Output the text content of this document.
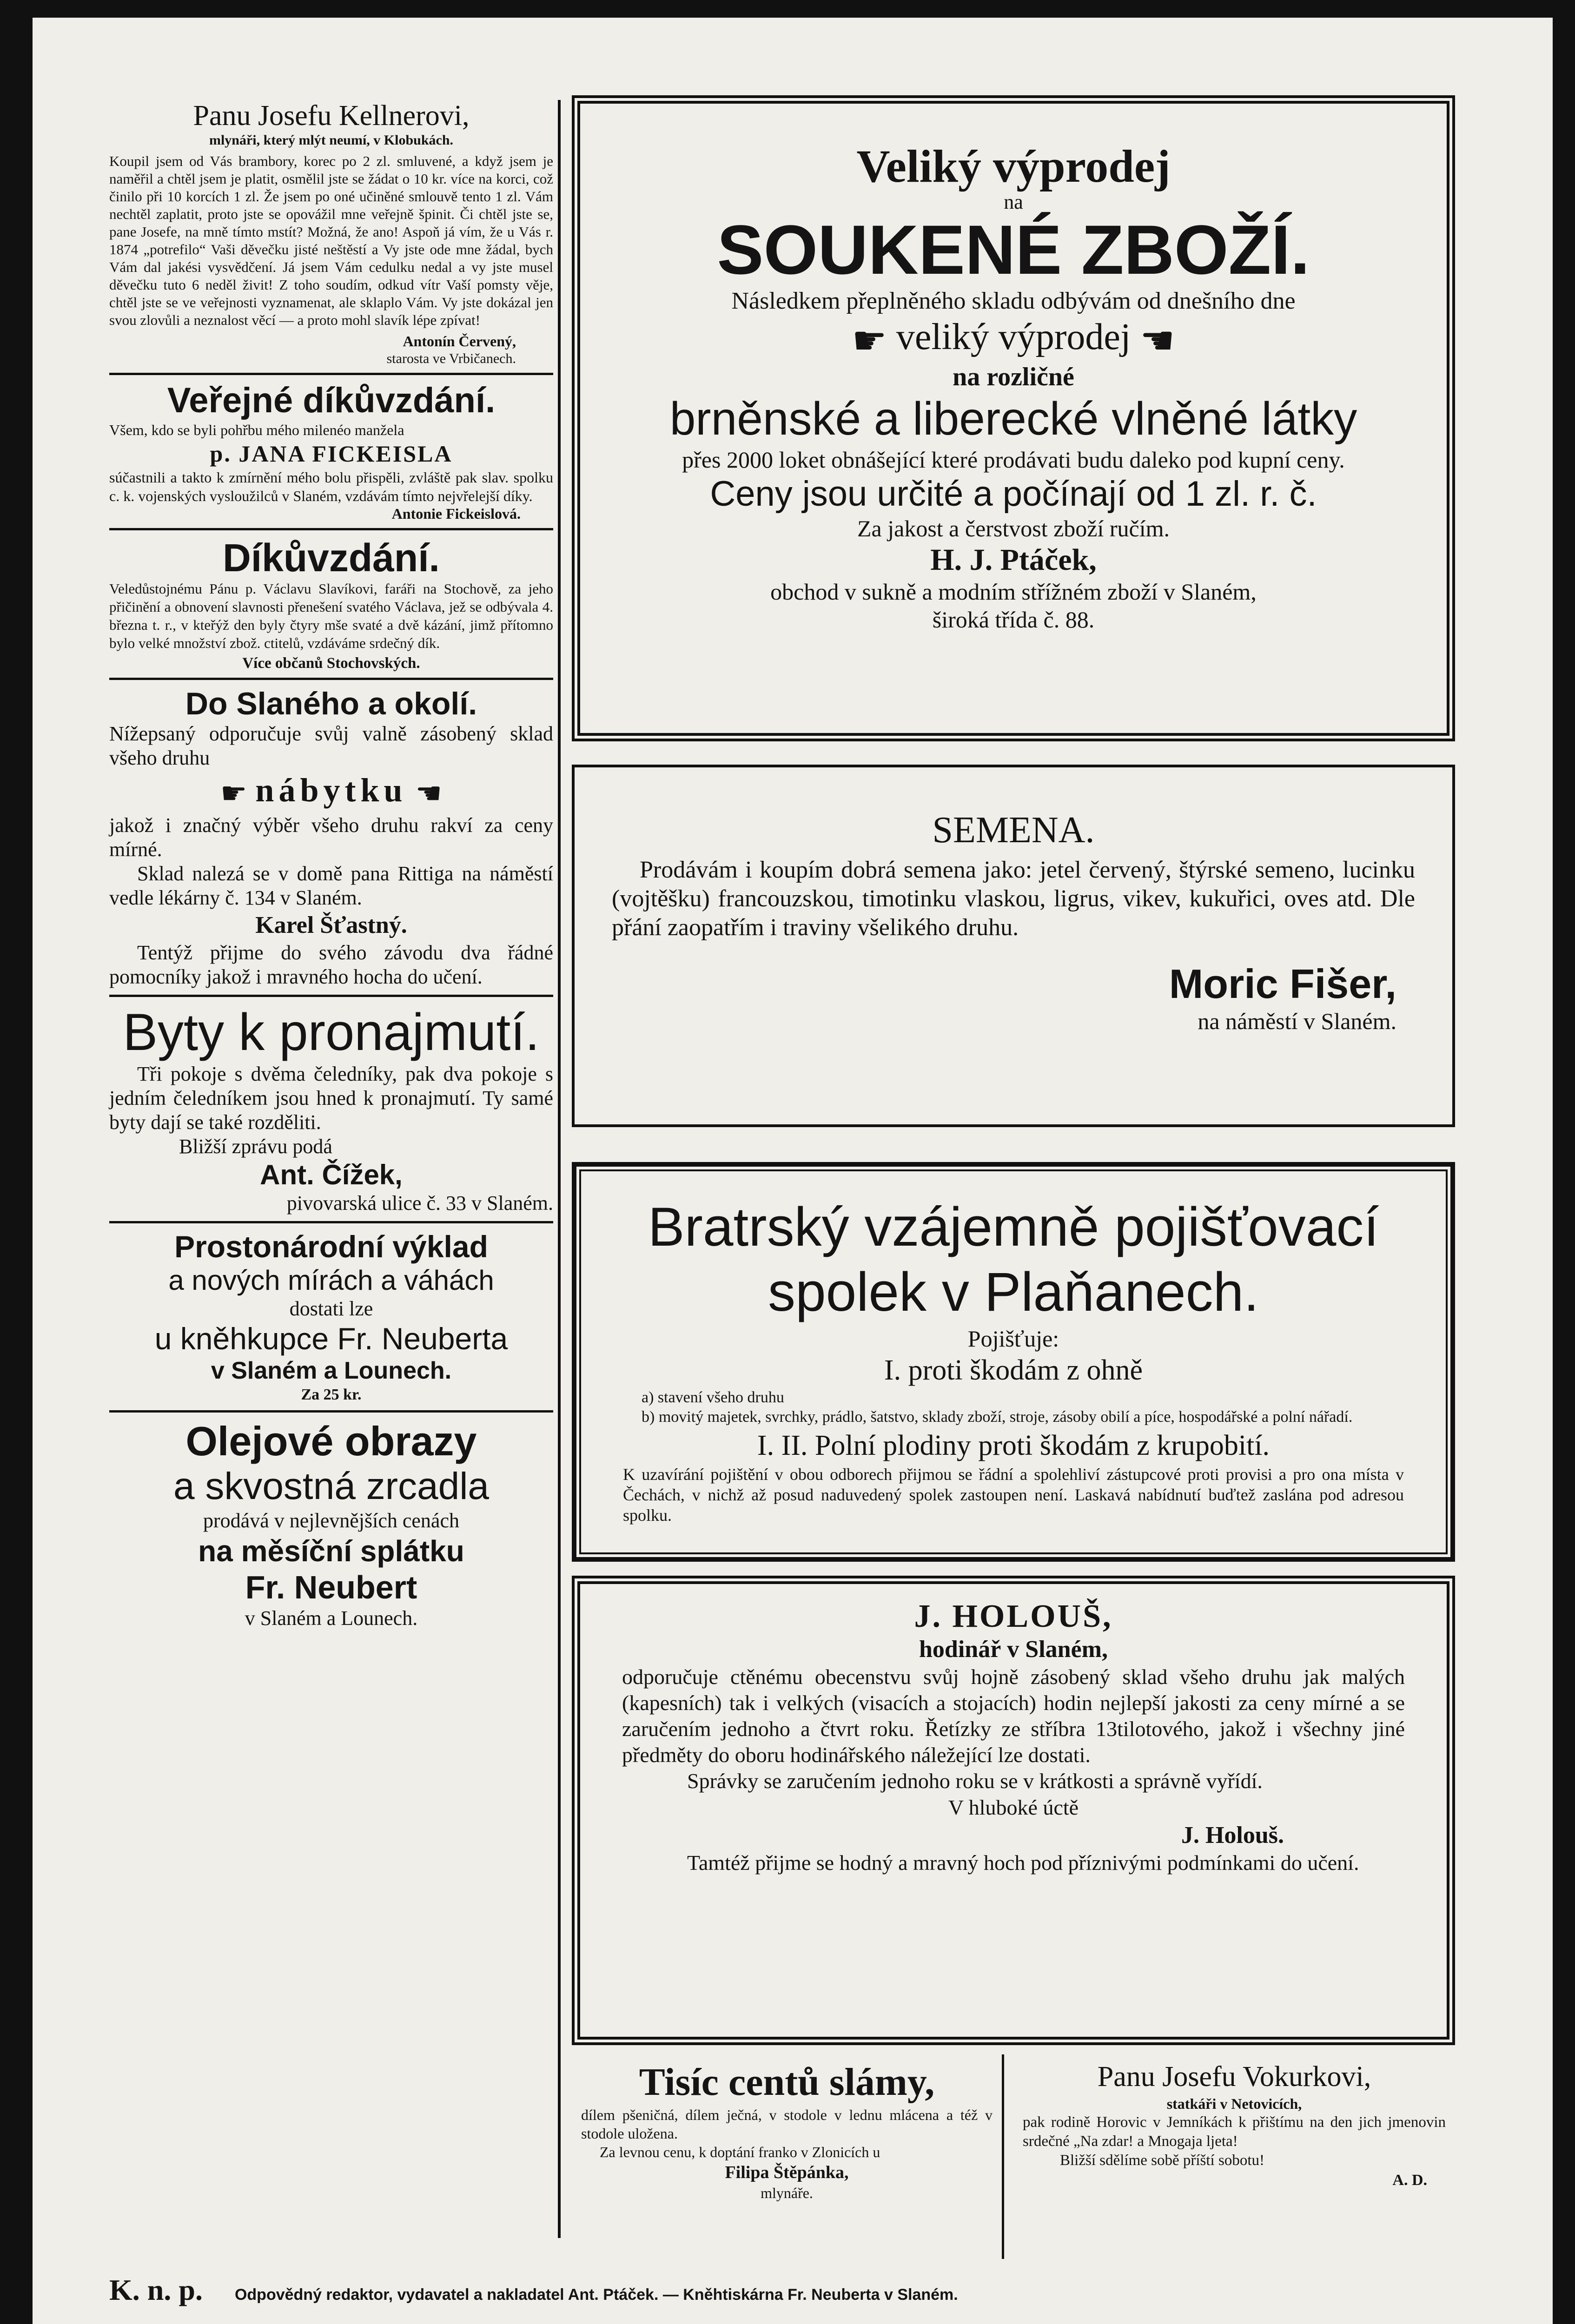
Panu Josefu Kellnerovi,
mlynáři, který mlýt neumí, v Klobukách.
Koupil jsem od Vás brambory, korec po 2 zl. smluvené, a když jsem je naměřil a chtěl jsem je platit, osmělil jste se žádat o 10 kr. více na korci, což činilo při 10 korcích 1 zl. Že jsem po oné učiněné smlouvě tento 1 zl. Vám nechtěl zaplatit, proto jste se opovážil mne veřejně špinit. Či chtěl jste se, pane Josefe, na mně tímto mstít? Možná, že ano! Aspoň já vím, že u Vás r. 1874 „potrefilo“ Vaši děvečku jisté neštěstí a Vy jste ode mne žádal, bych Vám dal jakési vysvědčení. Já jsem Vám cedulku nedal a vy jste musel děvečku tuto 6 neděl živit! Z toho soudím, odkud vítr Vaší pomsty věje, chtěl jste se ve veřejnosti vyznamenat, ale sklaplo Vám. Vy jste dokázal jen svou zlovůli a neznalost věcí — a proto mohl slavík lépe zpívat!
Antonín Červený,
starosta ve Vrbičanech.
Veřejné díkůvzdání.
Všem, kdo se byli pohřbu mého milenéo manžela
p. JANA FICKEISLA
súčastnili a takto k zmírnění mého bolu přispěli, zvláště pak slav. spolku c. k. vojenských vysloužilců v Slaném, vzdávám tímto nejvřelejší díky.
Antonie Fickeislová.
Díkůvzdání.
Veledůstojnému Pánu p. Václavu Slavíkovi, faráři na Stochově, za jeho přičinění a obnovení slavnosti přenešení svatého Václava, jež se odbývala 4. března t. r., v kteřýž den byly čtyry mše svaté a dvě kázání, jimž přítomno bylo velké množství zbož. ctitelů, vzdáváme srdečný dík.
Více občanů Stochovských.
Do Slaného a okolí.
Nížepsaný odporučuje svůj valně zásobený sklad všeho druhu
☛ nábytku ☚
jakož i značný výběr všeho druhu rakví za ceny mírné.
Sklad nalezá se v domě pana Rittiga na náměstí vedle lékárny č. 134 v Slaném.
Karel Šťastný.
Tentýž přijme do svého závodu dva řádné pomocníky jakož i mravného hocha do učení.
Byty k pronajmutí.
Tři pokoje s dvěma čeledníky, pak dva pokoje s jedním čeledníkem jsou hned k pronajmutí. Ty samé byty dají se také rozděliti.
Bližší zprávu podá
Ant. Čížek,
pivovarská ulice č. 33 v Slaném.
Prostonárodní výklad
a nových mírách a váhách
dostati lze
u kněhkupce Fr. Neuberta
v Slaném a Lounech.
Za 25 kr.
Olejové obrazy
a skvostná zrcadla
prodává v nejlevnějších cenách
na měsíční splátku
Fr. Neubert
v Slaném a Lounech.
Veliký výprodej
na
SOUKENÉ ZBOŽÍ.
Následkem přeplněného skladu odbývám od dnešního dne
☛ veliký výprodej ☚
na rozličné
brněnské a liberecké vlněné látky
přes 2000 loket obnášející které prodávati budu daleko pod kupní ceny.
Ceny jsou určité a počínají od 1 zl. r. č.
Za jakost a čerstvost zboží ručím.
H. J. Ptáček,
obchod v sukně a modním střížném zboží v Slaném,
široká třída č. 88.
SEMENA.
Prodávám i koupím dobrá semena jako: jetel červený, štýrské semeno, lucinku (vojtěšku) francouzskou, timotinku vlaskou, ligrus, vikev, kukuřici, oves atd. Dle přání zaopatřím i traviny všelikého druhu.
Moric Fišer,
na náměstí v Slaném.
Bratrský vzájemně pojišťovací spolek v Plaňanech.
Pojišťuje:
I. proti škodám z ohně
a) stavení všeho druhu
b) movitý majetek, svrchky, prádlo, šatstvo, sklady zboží, stroje, zásoby obilí a píce, hospodářské a polní nářadí.
I. II. Polní plodiny proti škodám z krupobití.
K uzavírání pojištění v obou odborech přijmou se řádní a spolehliví zástupcové proti provisi a pro ona místa v Čechách, v nichž až posud naduvedený spolek zastoupen není. Laskavá nabídnutí buďtež zaslána pod adresou spolku.
J. HOLOUŠ,
hodinář v Slaném,
odporučuje ctěnému obecenstvu svůj hojně zásobený sklad všeho druhu jak malých (kapesních) tak i velkých (visacích a stojacích) hodin nejlepší jakosti za ceny mírné a se zaručením jednoho a čtvrt roku. Řetízky ze stříbra 13tilotového, jakož i všechny jiné předměty do oboru hodinářského náležející lze dostati.
Správky se zaručením jednoho roku se v krátkosti a správně vyřídí.
V hluboké úctě
J. Holouš.
Tamtéž přijme se hodný a mravný hoch pod příznivými podmínkami do učení.
Tisíc centů slámy,
dílem pšeničná, dílem ječná, v stodole v lednu mlácena a též v stodole uložena.
Za levnou cenu, k doptání franko v Zlonicích u
Filipa Štěpánka,
mlynáře.
Panu Josefu Vokurkovi,
statkáři v Netovicích,
pak rodině Horovic v Jemníkách k přištímu na den jich jmenovin srdečné „Na zdar! a Mnogaja ljeta!
Bližší sdělíme sobě příští sobotu!
A. D.
K. n. p. Odpovědný redaktor, vydavatel a nakladatel Ant. Ptáček. — Kněhtiskárna Fr. Neuberta v Slaném.
